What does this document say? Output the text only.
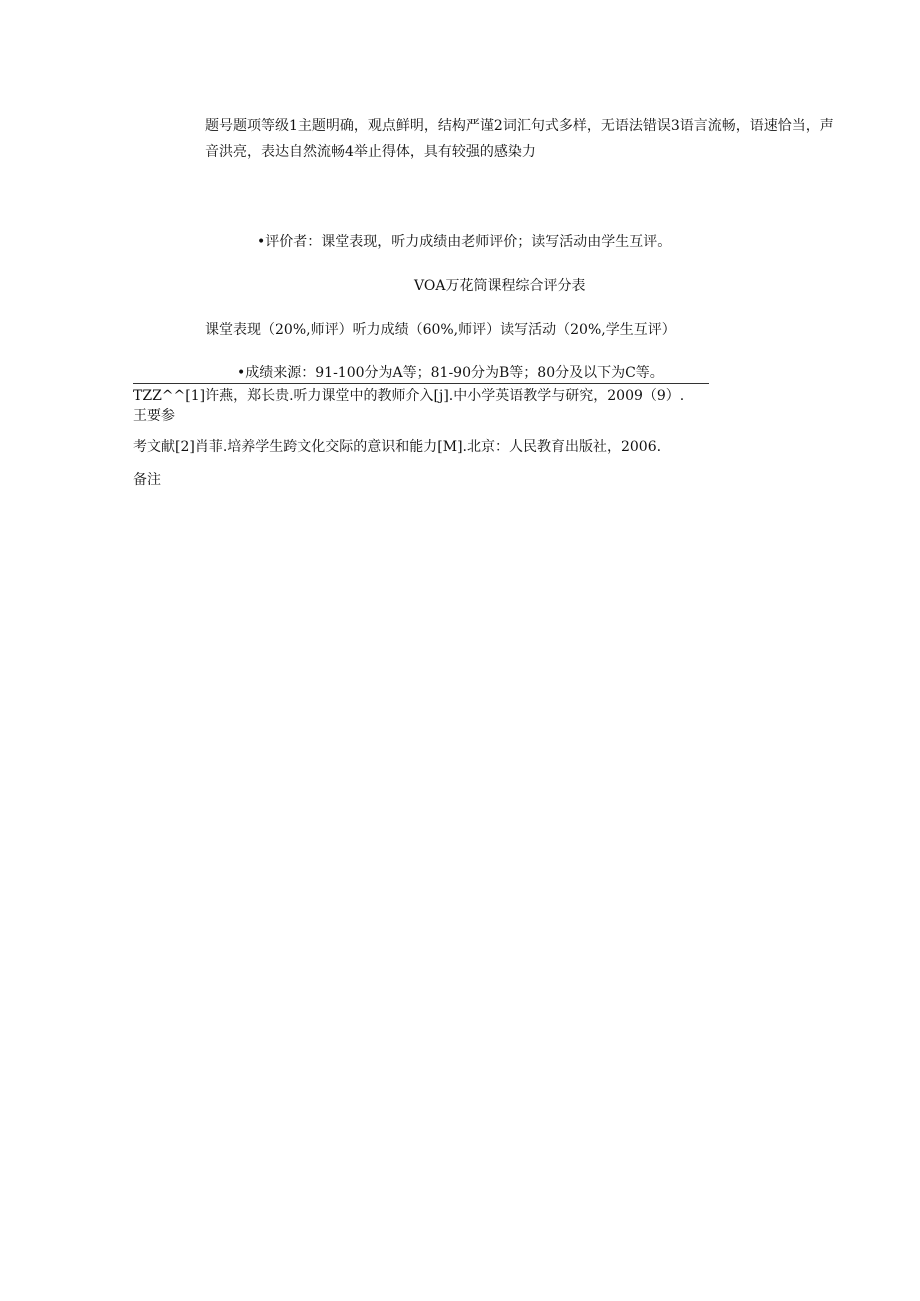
题号题项等级1主题明确，观点鲜明，结构严谨2词汇句式多样，无语法错误3语言流畅，语速恰当，声音洪亮，表达自然流畅4举止得体，具有较强的感染力
•评价者：课堂表现，听力成绩由老师评价；读写活动由学生互评。
VOA万花筒课程综合评分表
课堂表现（20%,师评）听力成绩（60%,师评）读写活动（20%,学生互评）
•成绩来源：91-100分为A等；81-90分为B等；80分及以下为C等。
TZZ^^[1]许燕，郑长贵.听力课堂中的教师介入[j].中小学英语教学与研究，2009（9）.
王要参
考文献[2]肖菲.培养学生跨文化交际的意识和能力[M].北京：人民教育出版社，2006.
备注
